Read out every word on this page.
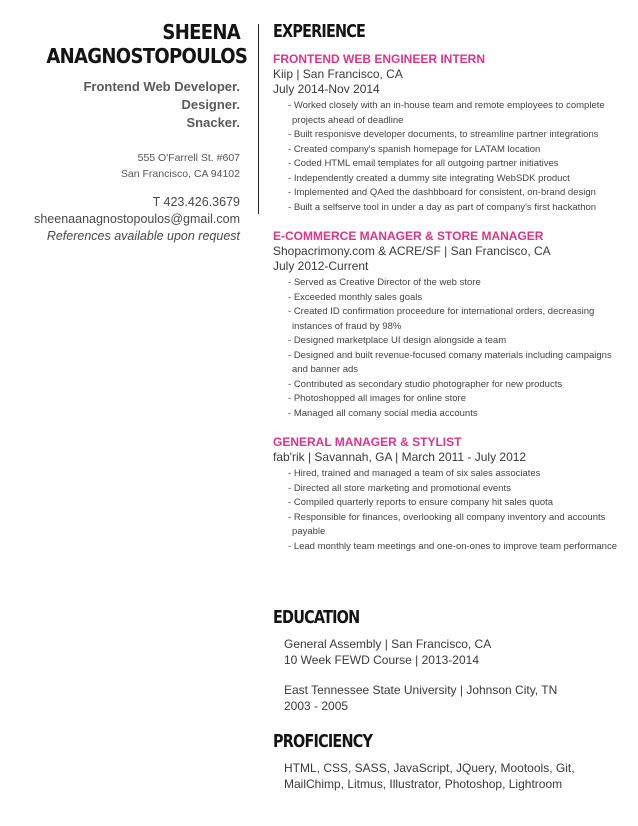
SHEENA
ANAGNOSTOPOULOS
Frontend Web Developer.
Designer.
Snacker.
555 O'Farrell St. #607
San Francisco, CA 94102
T 423.426.3679
sheenaanagnostopoulos@gmail.com
References available upon request
EXPERIENCE
FRONTEND WEB ENGINEER INTERN
Kiip | San Francisco, CA
July 2014-Nov 2014
- Worked closely with an in-house team and remote employees to complete projects ahead of deadline
- Built responisve developer documents, to streamline partner integrations
- Created company's spanish homepage for LATAM location
- Coded HTML email templates for all outgoing partner initiatives
- Independently created a dummy site integrating WebSDK product
- Implemented and QAed the dashbboard for consistent, on-brand design
- Built a selfserve tool in under a day as part of company's first hackathon
E-COMMERCE MANAGER & STORE MANAGER
Shopacrimony.com & ACRE/SF | San Francisco, CA
July 2012-Current
- Served as Creative Director of the web store
- Exceeded monthly sales goals
- Created ID confirmation proceedure for international orders, decreasing instances of fraud by 98%
- Designed marketplace UI design alongside a team
- Designed and built revenue-focused comany materials including campaigns and banner ads
- Contributed as secondary studio photographer for new products
- Photoshopped all images for online store
- Managed all comany social media accounts
GENERAL MANAGER & STYLIST
fab'rik | Savannah, GA | March 2011 - July 2012
- Hired, trained and managed a team of six sales associates
- Directed all store marketing and promotional events
- Compiled quarterly reports to ensure company hit sales quota
- Responsible for finances, overlooking all company inventory and accounts payable
- Lead monthly team meetings and one-on-ones to improve team performance
EDUCATION
General Assembly | San Francisco, CA
10 Week FEWD Course | 2013-2014
East Tennessee State University | Johnson City, TN
2003 - 2005
PROFICIENCY
HTML, CSS, SASS, JavaScript, JQuery, Mootools, Git, MailChimp, Litmus, Illustrator, Photoshop, Lightroom
